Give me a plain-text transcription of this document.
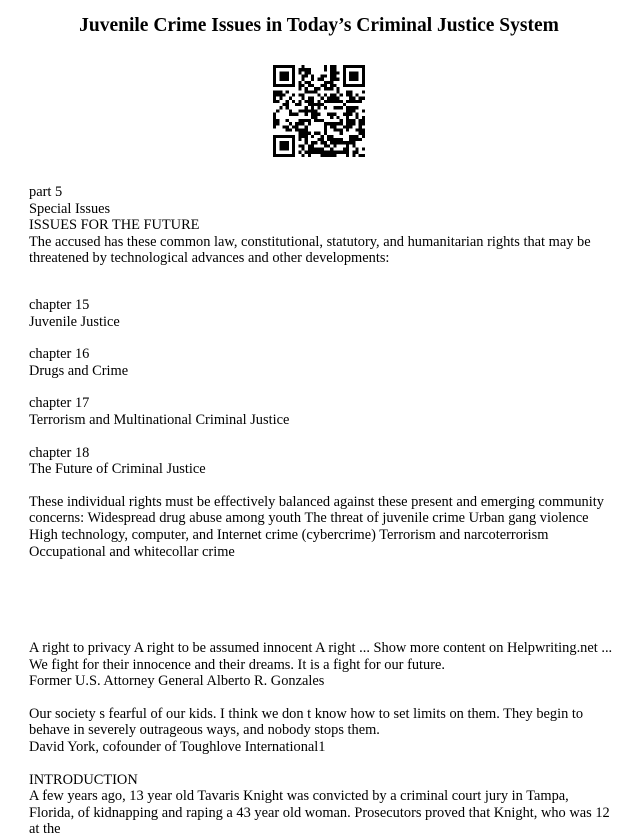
Juvenile Crime Issues in Today’s Criminal Justice System
part 5
Special Issues
ISSUES FOR THE FUTURE
The accused has these common law, constitutional, statutory, and humanitarian rights that may be threatened by technological advances and other developments:
chapter 15
Juvenile Justice
chapter 16
Drugs and Crime
chapter 17
Terrorism and Multinational Criminal Justice
chapter 18
The Future of Criminal Justice
These individual rights must be effectively balanced against these present and emerging community concerns: Widespread drug abuse among youth The threat of juvenile crime Urban gang violence High technology, computer, and Internet crime (cybercrime) Terrorism and narcoterrorism Occupational and whitecollar crime
A right to privacy A right to be assumed innocent A right ... Show more content on Helpwriting.net ...
We fight for their innocence and their dreams. It is a fight for our future.
Former U.S. Attorney General Alberto R. Gonzales
Our society s fearful of our kids. I think we don t know how to set limits on them. They begin to behave in severely outrageous ways, and nobody stops them.
David York, cofounder of Toughlove International1
INTRODUCTION
A few years ago, 13 year old Tavaris Knight was convicted by a criminal court jury in Tampa, Florida, of kidnapping and raping a 43 year old woman. Prosecutors proved that Knight, who was 12 at the
